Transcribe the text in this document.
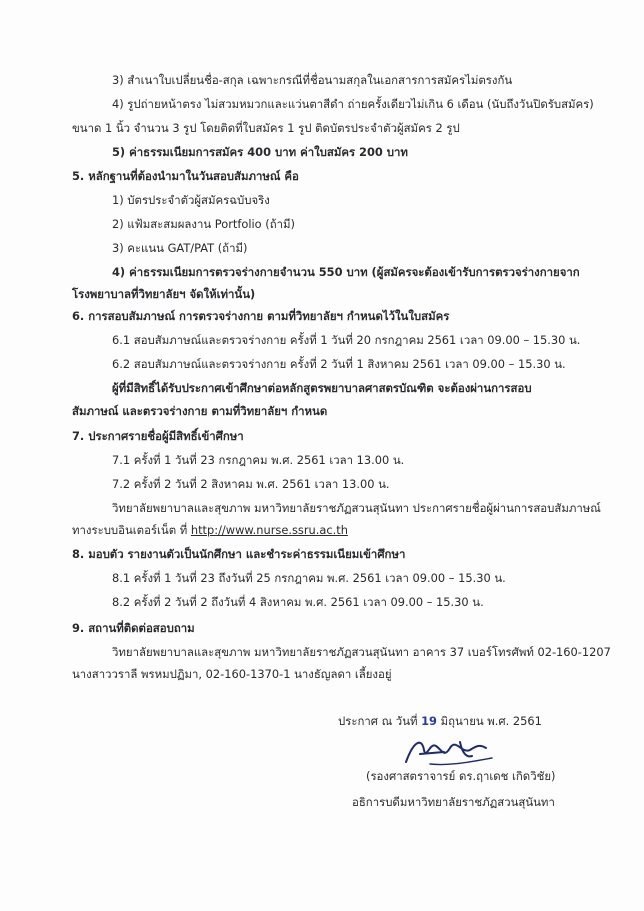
3) สำเนาใบเปลี่ยนชื่อ-สกุล เฉพาะกรณีที่ชื่อนามสกุลในเอกสารการสมัครไม่ตรงกัน
4) รูปถ่ายหน้าตรง ไม่สวมหมวกและแว่นตาสีดำ ถ่ายครั้งเดียวไม่เกิน 6 เดือน (นับถึงวันปิดรับสมัคร)
ขนาด 1 นิ้ว จำนวน 3 รูป โดยติดที่ใบสมัคร 1 รูป ติดบัตรประจำตัวผู้สมัคร 2 รูป
5) ค่าธรรมเนียมการสมัคร 400 บาท ค่าใบสมัคร 200 บาท
5. หลักฐานที่ต้องนำมาในวันสอบสัมภาษณ์ คือ
1) บัตรประจำตัวผู้สมัครฉบับจริง
2) แฟ้มสะสมผลงาน Portfolio (ถ้ามี)
3) คะแนน GAT/PAT (ถ้ามี)
4) ค่าธรรมเนียมการตรวจร่างกายจำนวน 550 บาท (ผู้สมัครจะต้องเข้ารับการตรวจร่างกายจาก
โรงพยาบาลที่วิทยาลัยฯ จัดให้เท่านั้น)
6. การสอบสัมภาษณ์ การตรวจร่างกาย ตามที่วิทยาลัยฯ กำหนดไว้ในใบสมัคร
6.1 สอบสัมภาษณ์และตรวจร่างกาย ครั้งที่ 1 วันที่ 20 กรกฎาคม 2561 เวลา 09.00 – 15.30 น.
6.2 สอบสัมภาษณ์และตรวจร่างกาย ครั้งที่ 2 วันที่ 1 สิงหาคม 2561 เวลา 09.00 – 15.30 น.
ผู้ที่มีสิทธิ์ได้รับประกาศเข้าศึกษาต่อหลักสูตรพยาบาลศาสตรบัณฑิต จะต้องผ่านการสอบ
สัมภาษณ์ และตรวจร่างกาย ตามที่วิทยาลัยฯ กำหนด
7. ประกาศรายชื่อผู้มีสิทธิ์เข้าศึกษา
7.1 ครั้งที่ 1 วันที่ 23 กรกฎาคม พ.ศ. 2561 เวลา 13.00 น.
7.2 ครั้งที่ 2 วันที่ 2 สิงหาคม พ.ศ. 2561 เวลา 13.00 น.
วิทยาลัยพยาบาลและสุขภาพ มหาวิทยาลัยราชภัฏสวนสุนันทา ประกาศรายชื่อผู้ผ่านการสอบสัมภาษณ์
ทางระบบอินเตอร์เน็ต ที่ http://www.nurse.ssru.ac.th
8. มอบตัว รายงานตัวเป็นนักศึกษา และชำระค่าธรรมเนียมเข้าศึกษา
8.1 ครั้งที่ 1 วันที่ 23 ถึงวันที่ 25 กรกฎาคม พ.ศ. 2561 เวลา 09.00 – 15.30 น.
8.2 ครั้งที่ 2 วันที่ 2 ถึงวันที่ 4 สิงหาคม พ.ศ. 2561 เวลา 09.00 – 15.30 น.
9. สถานที่ติดต่อสอบถาม
วิทยาลัยพยาบาลและสุขภาพ มหาวิทยาลัยราชภัฏสวนสุนันทา อาคาร 37 เบอร์โทรศัพท์ 02-160-1207
นางสาววราลี พรหมปฏิมา, 02-160-1370-1 นางธัญลดา เลี้ยงอยู่
ประกาศ ณ วันที่ 19 มิถุนายน พ.ศ. 2561
(รองศาสตราจารย์ ดร.ฤาเดช เกิดวิชัย)
อธิการบดีมหาวิทยาลัยราชภัฏสวนสุนันทา
